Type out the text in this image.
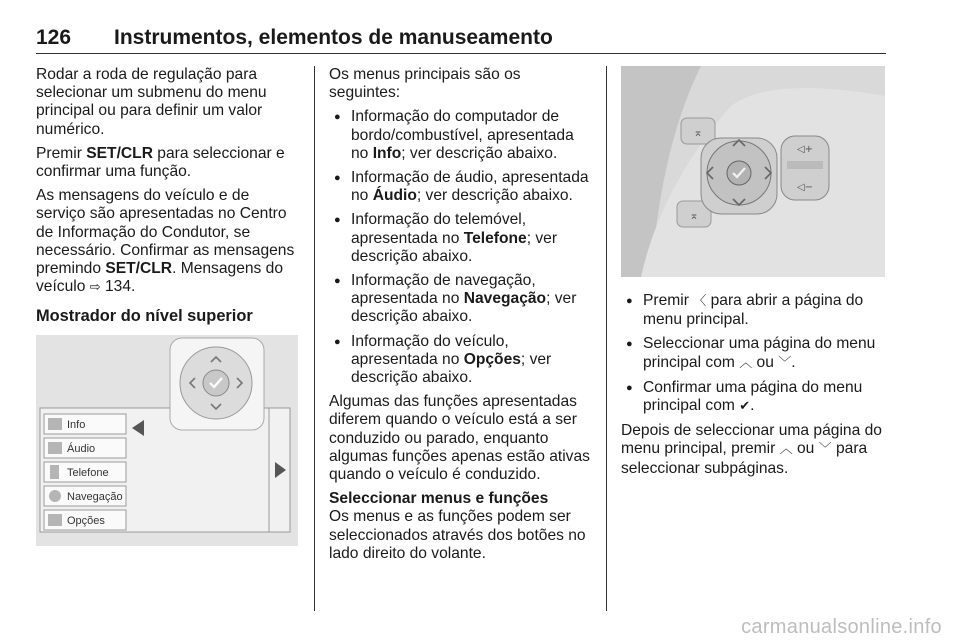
126 Instrumentos, elementos de manuseamento

Rodar a roda de regulação para selecionar um submenu do menu principal ou para definir um valor numérico.

Premir SET/CLR para seleccionar e confirmar uma função.

As mensagens do veículo e de serviço são apresentadas no Centro de Informação do Condutor, se necessário. Confirmar as mensagens premindo SET/CLR. Mensagens do veículo ⇨ 134.

Mostrador do nível superior
Info
Áudio
Telefone
Navegação
Opções

Os menus principais são os seguintes:

● Informação do computador de bordo/combustível, apresentada no Info; ver descrição abaixo.
● Informação de áudio, apresentada no Áudio; ver descrição abaixo.
● Informação do telemóvel, apresentada no Telefone; ver descrição abaixo.
● Informação de navegação, apresentada no Navegação; ver descrição abaixo.
● Informação do veículo, apresentada no Opções; ver descrição abaixo.

Algumas das funções apresentadas diferem quando o veículo está a ser conduzido ou parado, enquanto algumas funções apenas estão ativas quando o veículo é conduzido.

Seleccionar menus e funções

Os menus e as funções podem ser seleccionados através dos botões no lado direito do volante.

⌅
⌅
◁+
◁−
● Premir 〈 para abrir a página do menu principal.
● Seleccionar uma página do menu principal com ︿ ou ﹀.
● Confirmar uma página do menu principal com ✔.

Depois de seleccionar uma página do menu principal, premir ︿ ou ﹀ para seleccionar subpáginas.

carmanualsonline.info
